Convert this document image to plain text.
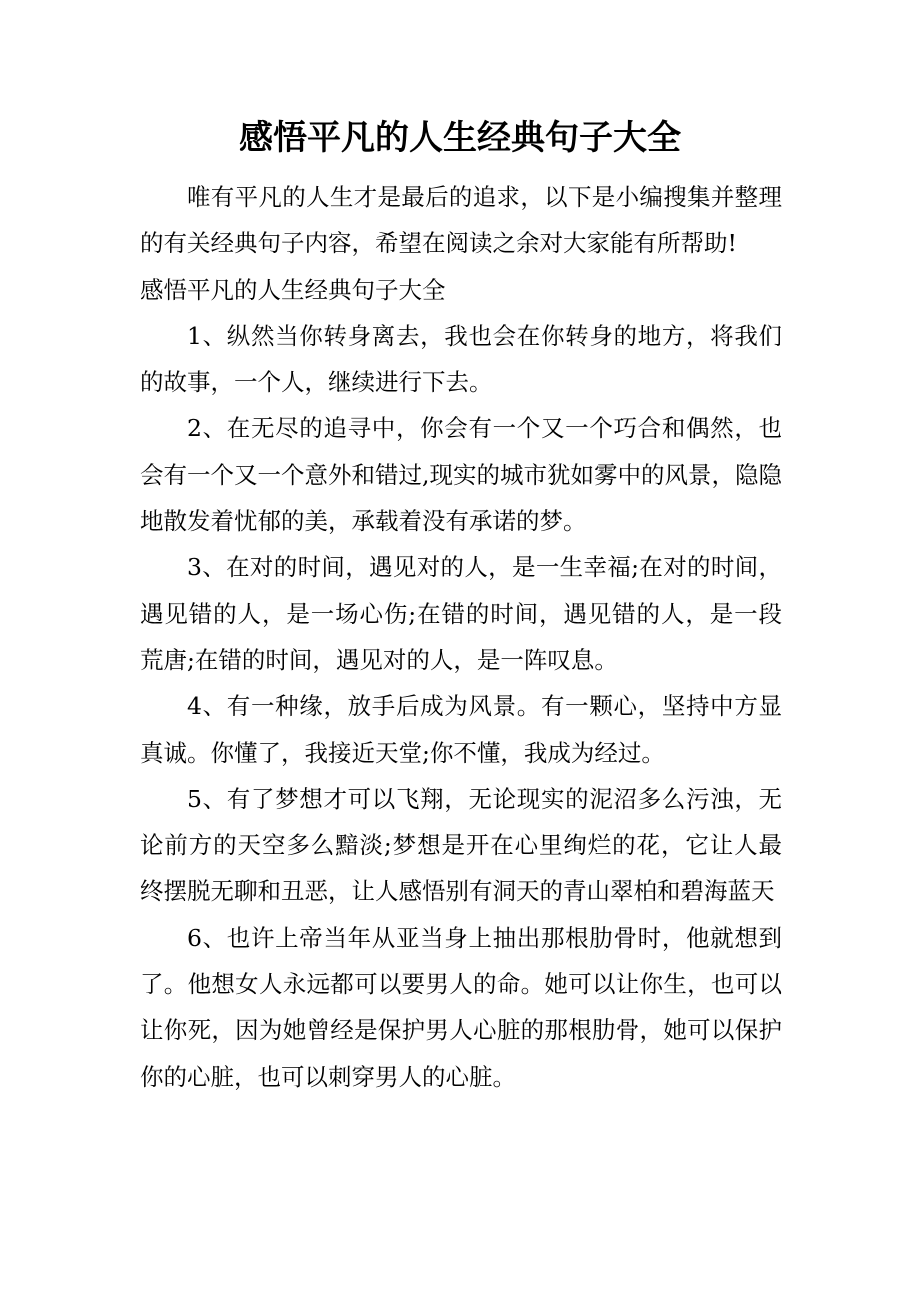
感悟平凡的人生经典句子大全

唯有平凡的人生才是最后的追求，以下是小编搜集并整理的有关经典句子内容，希望在阅读之余对大家能有所帮助!

感悟平凡的人生经典句子大全

1、纵然当你转身离去，我也会在你转身的地方，将我们的故事，一个人，继续进行下去。

2、在无尽的追寻中，你会有一个又一个巧合和偶然，也会有一个又一个意外和错过,现实的城市犹如雾中的风景，隐隐地散发着忧郁的美，承载着没有承诺的梦。

3、在对的时间，遇见对的人，是一生幸福;在对的时间，遇见错的人，是一场心伤;在错的时间，遇见错的人，是一段荒唐;在错的时间，遇见对的人，是一阵叹息。

4、有一种缘，放手后成为风景。有一颗心，坚持中方显真诚。你懂了，我接近天堂;你不懂，我成为经过。

5、有了梦想才可以飞翔，无论现实的泥沼多么污浊，无论前方的天空多么黯淡;梦想是开在心里绚烂的花，它让人最终摆脱无聊和丑恶，让人感悟别有洞天的青山翠柏和碧海蓝天

6、也许上帝当年从亚当身上抽出那根肋骨时，他就想到了。他想女人永远都可以要男人的命。她可以让你生，也可以让你死，因为她曾经是保护男人心脏的那根肋骨，她可以保护你的心脏，也可以刺穿男人的心脏。
